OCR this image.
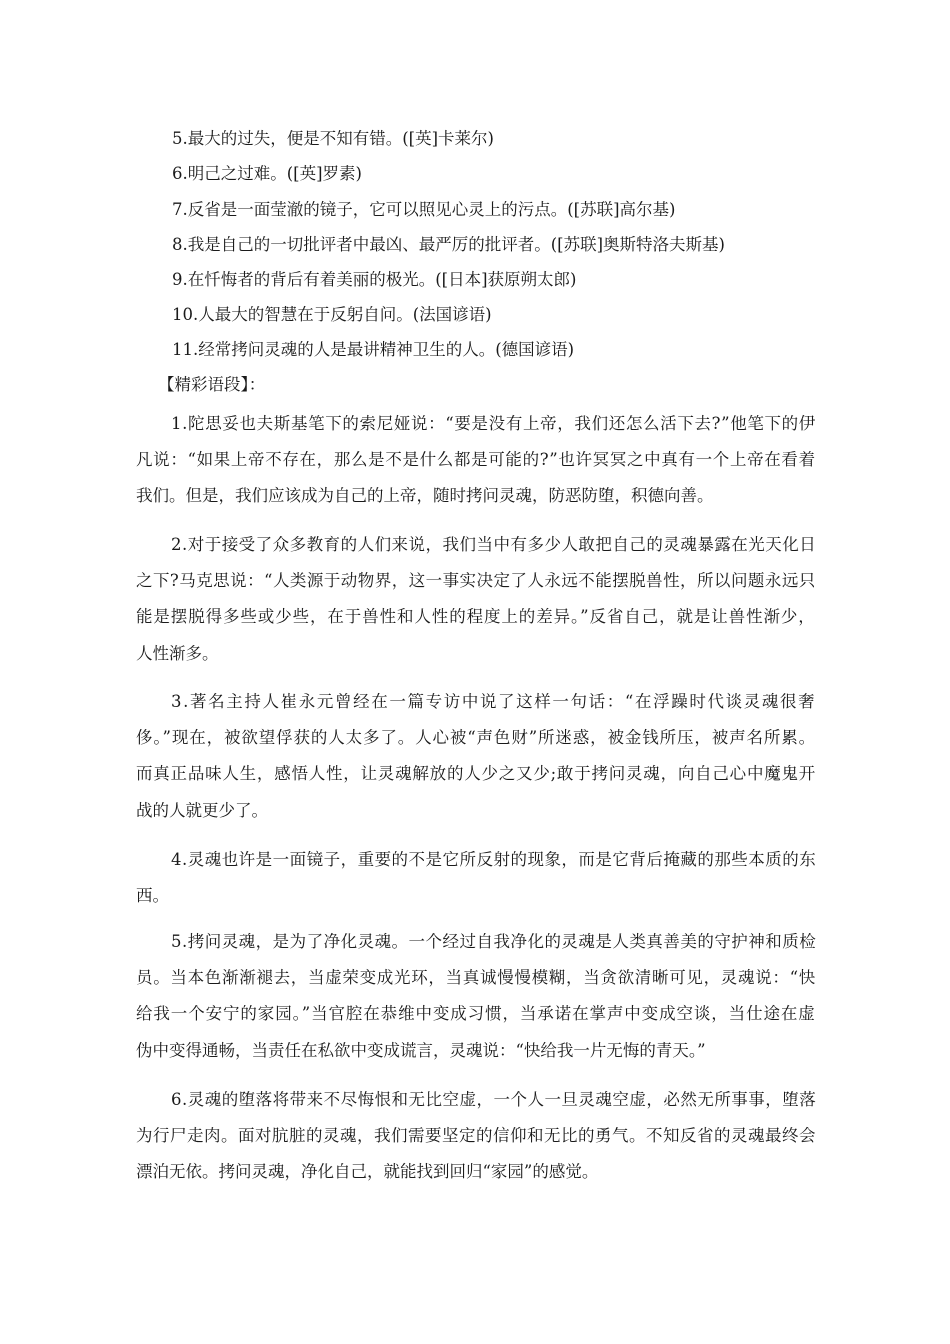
5.最大的过失，便是不知有错。([英]卡莱尔)
6.明己之过难。([英]罗素)
7.反省是一面莹澈的镜子，它可以照见心灵上的污点。([苏联]高尔基)
8.我是自己的一切批评者中最凶、最严厉的批评者。([苏联]奥斯特洛夫斯基)
9.在忏悔者的背后有着美丽的极光。([日本]获原朔太郎)
10.人最大的智慧在于反躬自问。(法国谚语)
11.经常拷问灵魂的人是最讲精神卫生的人。(德国谚语)
【精彩语段】：
1.陀思妥也夫斯基笔下的索尼娅说：“要是没有上帝，我们还怎么活下去?”他笔下的伊
凡说：“如果上帝不存在，那么是不是什么都是可能的?”也许冥冥之中真有一个上帝在看着
我们。但是，我们应该成为自己的上帝，随时拷问灵魂，防恶防堕，积德向善。
2.对于接受了众多教育的人们来说，我们当中有多少人敢把自己的灵魂暴露在光天化日
之下?马克思说：“人类源于动物界，这一事实决定了人永远不能摆脱兽性，所以问题永远只
能是摆脱得多些或少些，在于兽性和人性的程度上的差异。”反省自己，就是让兽性渐少，
人性渐多。
3.著名主持人崔永元曾经在一篇专访中说了这样一句话：“在浮躁时代谈灵魂很奢
侈。”现在，被欲望俘获的人太多了。人心被“声色财”所迷惑，被金钱所压，被声名所累。
而真正品味人生，感悟人性，让灵魂解放的人少之又少;敢于拷问灵魂，向自己心中魔鬼开
战的人就更少了。
4.灵魂也许是一面镜子，重要的不是它所反射的现象，而是它背后掩藏的那些本质的东
西。
5.拷问灵魂，是为了净化灵魂。一个经过自我净化的灵魂是人类真善美的守护神和质检
员。当本色渐渐褪去，当虚荣变成光环，当真诚慢慢模糊，当贪欲清晰可见，灵魂说：“快
给我一个安宁的家园。”当官腔在恭维中变成习惯，当承诺在掌声中变成空谈，当仕途在虚
伪中变得通畅，当责任在私欲中变成谎言，灵魂说：“快给我一片无悔的青天。”
6.灵魂的堕落将带来不尽悔恨和无比空虚，一个人一旦灵魂空虚，必然无所事事，堕落
为行尸走肉。面对肮脏的灵魂，我们需要坚定的信仰和无比的勇气。不知反省的灵魂最终会
漂泊无依。拷问灵魂，净化自己，就能找到回归“家园”的感觉。
